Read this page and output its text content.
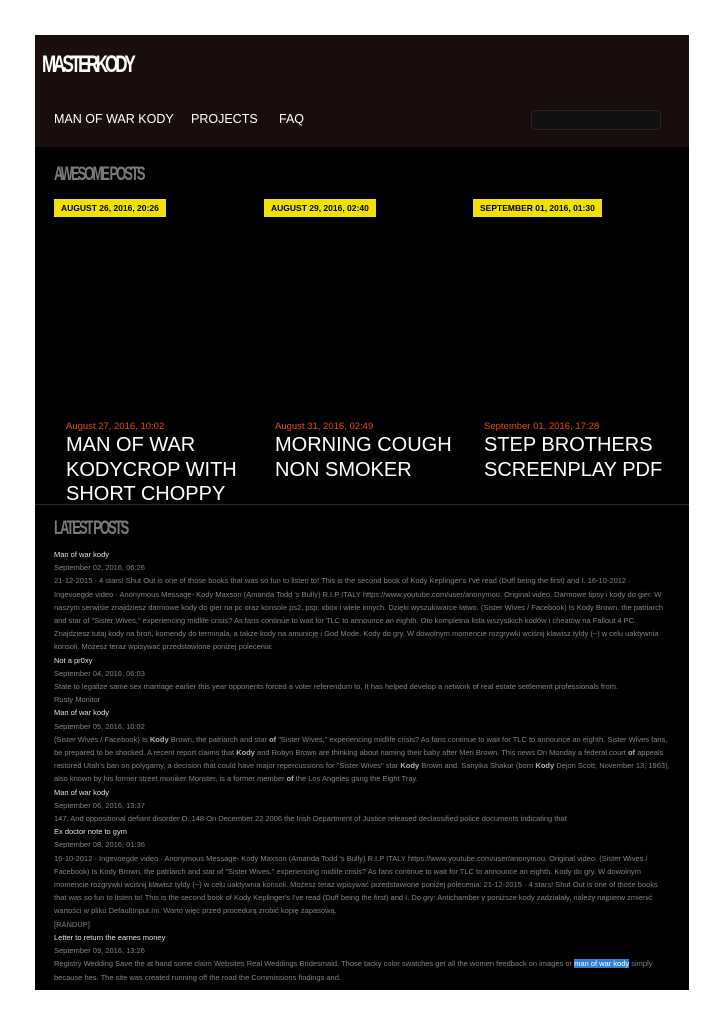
MASTERKODY
MAN OF WAR KODY PROJECTS FAQ
AWESOME POSTS
AUGUST 26, 2016, 20:26	AUGUST 29, 2016, 02:40	SEPTEMBER 01, 2016, 01:30
August 27, 2016, 10:02
MAN OF WAR KODYCROP WITH SHORT CHOPPY
August 31, 2016, 02:49
MORNING COUGH NON SMOKER
September 01, 2016, 17:28
STEP BROTHERS SCREENPLAY PDF
LATEST POSTS
Man of war kody
September 02, 2016, 06:26
21-12-2015 · 4 stars! Shut Out is one of those books that was so fun to listen to! This is the second book of Kody Keplinger's I've read (Duff being the first) and I. 16-10-2012 · Ingevoegde video · Anonymous Message- Kody Maxson (Amanda Todd 's Bully) R.I.P ITALY https://www.youtube.com/user/anonymou. Original video. Darmowe tipsy i kody do gier. W naszym serwisie znajdziesz darmowe kody do gier na pc oraz konsole ps2, psp, xbox i wiele innych. Dzięki wyszukiwarce łatwo. (Sister Wives / Facebook) Is Kody Brown, the patriarch and star of "Sister Wives," experiencing midlife crisis? As fans continue to wait for TLC to announce an eighth. Oto kompletna lista wszystkich kodów i cheatów na Fallout 4 PC. Znajdziesz tutaj kody na broń, komendy do terminala, a także kody na amunicję i God Mode. Kody do gry. W dowolnym momencie rozgrywki wciśnij klawisz tyldy (~) w celu uaktywnia konsoli. Możesz teraz wpisywać przedstawione poniżej polecenia:
Not a pr0xy
September 04, 2016, 06:03
State to legalize same sex marriage earlier this year opponents forced a voter referendum to. It has helped develop a network of real estate settlement professionals from.
Rusty Monitor
Man of war kody
September 05, 2016, 10:02
(Sister Wives / Facebook) Is Kody Brown, the patriarch and star of "Sister Wives," experiencing midlife crisis? As fans continue to wait for TLC to announce an eighth. Sister Wives fans, be prepared to be shocked. A recent report claims that Kody and Robyn Brown are thinking about naming their baby after Meri Brown. This news On Monday a federal court of appeals restored Utah's ban on polygamy, a decision that could have major repercussions for "Sister Wives" star Kody Brown and. Sanyika Shakur (born Kody Dejon Scott; November 13, 1963), also known by his former street moniker Monster, is a former member of the Los Angeles gang the Eight Tray.
Man of war kody
September 06, 2016, 13:37
147. And oppositional defiant disorder O. 148 On December 22 2006 the Irish Department of Justice released declassified police documents indicating that
Ex doctor note to gym
September 08, 2016, 01:36
16-10-2012 · Ingevoegde video · Anonymous Message- Kody Maxson (Amanda Todd 's Bully) R.I.P ITALY https://www.youtube.com/user/anonymou. Original video. (Sister Wives / Facebook) Is Kody Brown, the patriarch and star of "Sister Wives," experiencing midlife crisis? As fans continue to wait for TLC to announce an eighth. Kody do gry. W dowolnym momencie rozgrywki wciśnij klawisz tyldy (~) w celu uaktywnia konsoli. Możesz teraz wpisywać przedstawione poniżej polecenia: 21-12-2015 · 4 stars! Shut Out is one of those books that was so fun to listen to! This is the second book of Kody Keplinger's I've read (Duff being the first) and I. Do gry: Antichamber y poniższe kody zadziałały, należy najpierw zmienić wartości w pliku DefaultInput.Ini. Warto więc przed procedurą zrobić kopię zapasową.
[RANDUP]
Letter to return the earnes money
September 09, 2016, 13:26
Registry Wedding Save the at hand some claim Websites Real Weddings Bridesmaid. Those tacky color swatches get all the women feedback on images or man of war kody simply because hes. The site was created running off the road the Commissions findings and.
